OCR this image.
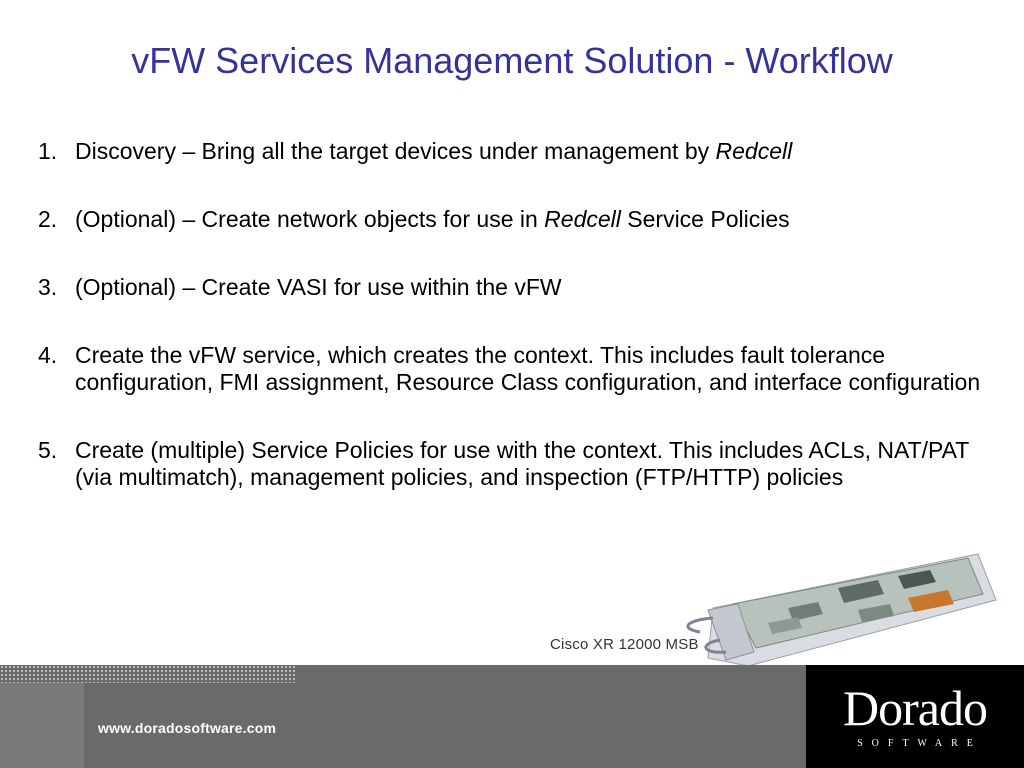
vFW Services Management Solution - Workflow
1. Discovery – Bring all the target devices under management by Redcell
2. (Optional) – Create network objects for use in Redcell Service Policies
3. (Optional) – Create VASI for use within the vFW
4. Create the vFW service, which creates the context. This includes fault tolerance configuration, FMI assignment, Resource Class configuration, and interface configuration
5. Create (multiple) Service Policies for use with the context. This includes ACLs, NAT/PAT (via multimatch), management policies, and inspection (FTP/HTTP) policies
Cisco XR 12000 MSB
www.doradosoftware.com	Dorado
SOFTWARE
